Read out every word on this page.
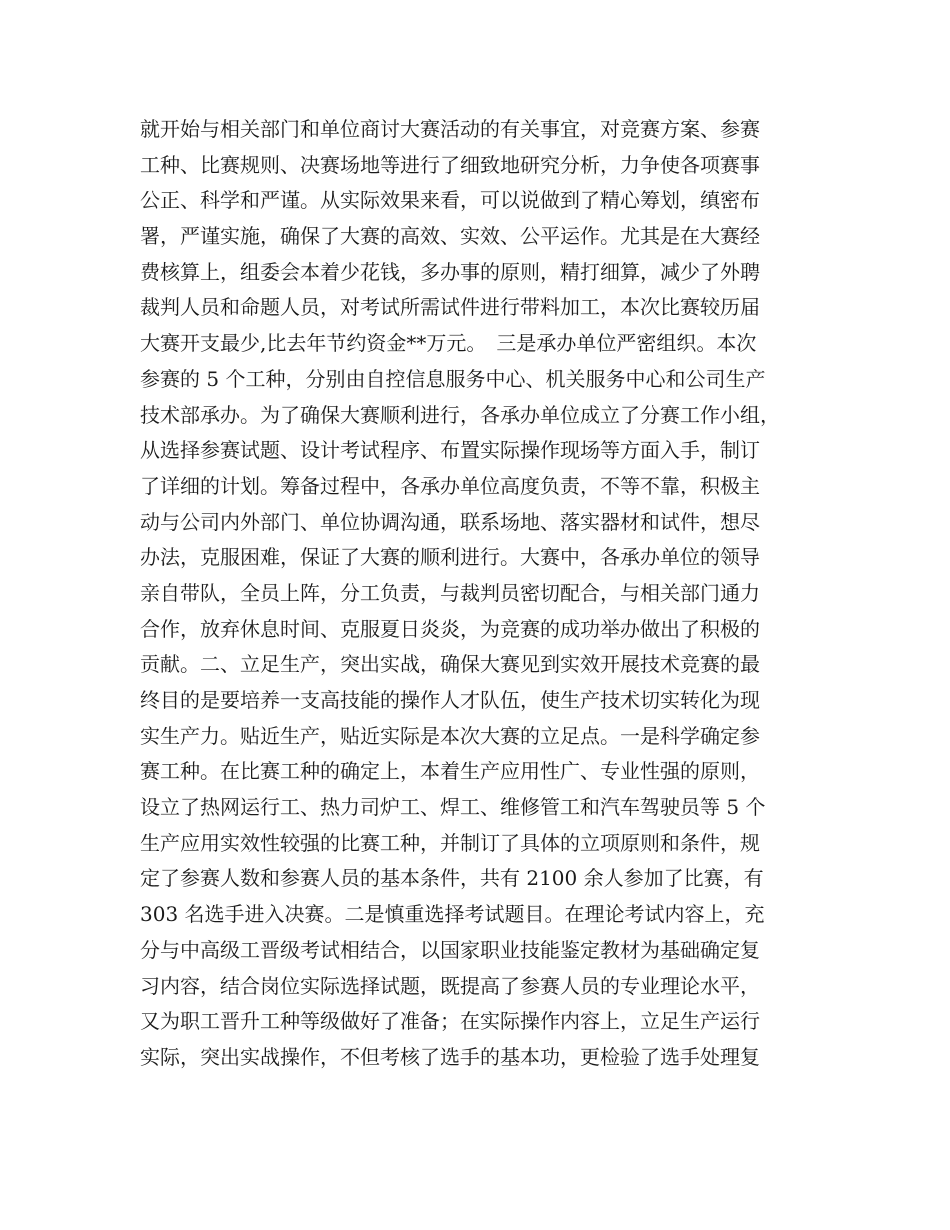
就开始与相关部门和单位商讨大赛活动的有关事宜，对竞赛方案、参赛
工种、比赛规则、决赛场地等进行了细致地研究分析，力争使各项赛事
公正、科学和严谨。从实际效果来看，可以说做到了精心筹划，缜密布
署，严谨实施，确保了大赛的高效、实效、公平运作。尤其是在大赛经
费核算上，组委会本着少花钱，多办事的原则，精打细算，减少了外聘
裁判人员和命题人员，对考试所需试件进行带料加工，本次比赛较历届
大赛开支最少,比去年节约资金**万元。　三是承办单位严密组织。本次
参赛的 5 个工种，分别由自控信息服务中心、机关服务中心和公司生产
技术部承办。为了确保大赛顺利进行，各承办单位成立了分赛工作小组，
从选择参赛试题、设计考试程序、布置实际操作现场等方面入手，制订
了详细的计划。筹备过程中，各承办单位高度负责，不等不靠，积极主
动与公司内外部门、单位协调沟通，联系场地、落实器材和试件，想尽
办法，克服困难，保证了大赛的顺利进行。大赛中，各承办单位的领导
亲自带队，全员上阵，分工负责，与裁判员密切配合，与相关部门通力
合作，放弃休息时间、克服夏日炎炎，为竞赛的成功举办做出了积极的
贡献。二、立足生产，突出实战，确保大赛见到实效开展技术竞赛的最
终目的是要培养一支高技能的操作人才队伍，使生产技术切实转化为现
实生产力。贴近生产，贴近实际是本次大赛的立足点。一是科学确定参
赛工种。在比赛工种的确定上，本着生产应用性广、专业性强的原则，
设立了热网运行工、热力司炉工、焊工、维修管工和汽车驾驶员等 5 个
生产应用实效性较强的比赛工种，并制订了具体的立项原则和条件，规
定了参赛人数和参赛人员的基本条件，共有 2100 余人参加了比赛，有
303 名选手进入决赛。二是慎重选择考试题目。在理论考试内容上，充
分与中高级工晋级考试相结合，以国家职业技能鉴定教材为基础确定复
习内容，结合岗位实际选择试题，既提高了参赛人员的专业理论水平，
又为职工晋升工种等级做好了准备；在实际操作内容上，立足生产运行
实际，突出实战操作，不但考核了选手的基本功，更检验了选手处理复
